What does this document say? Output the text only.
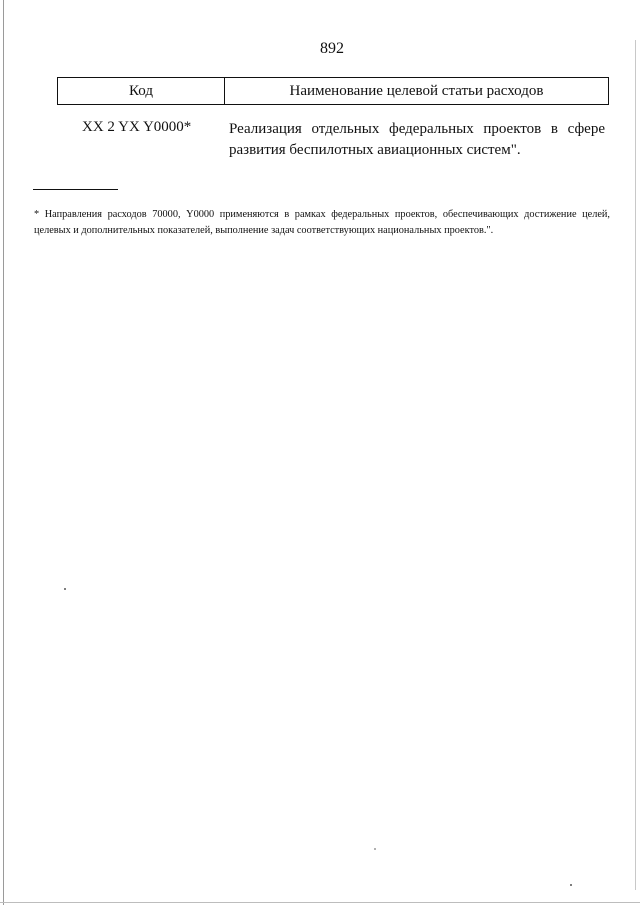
892
Код	Наименование целевой статьи расходов
XX 2 YX Y0000*	Реализация отдельных федеральных проектов в сфере развития беспилотных авиационных систем".
* Направления расходов 70000, Y0000 применяются в рамках федеральных проектов, обеспечивающих достижение целей, целевых и дополнительных показателей, выполнение задач соответствующих национальных проектов.".
